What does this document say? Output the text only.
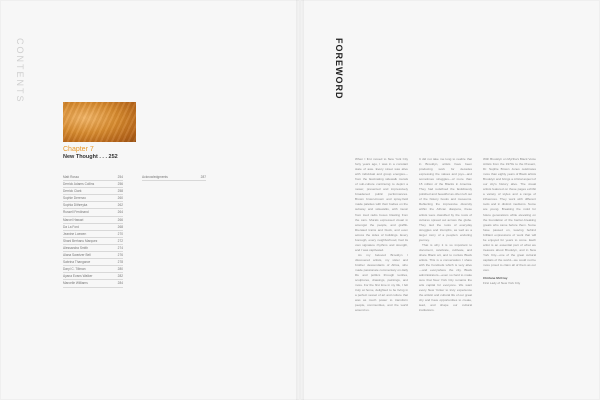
CONTENTS
Chapter 7
New Thought . . . 252
Matt Rosso	254
Derrick Adams Collins	256
Derrick Clark	258
Sophie Derenzo	260
Sophia Dithreyka	262
Russell Ferdinand	264
Marcel Hawari	266
Da La Ford	268
Jeanine Loewen	270
Shani Berhanu Marquez	272
Alessandra Smith	274
Alana Swartzer Bell	276
Sabrina Thangaroe	278
Daryl C. Tillman	280
Ayana Evans Walker	282
Marcelle Williams	284
Acknowledgments	287
FOREWORD

When I first moved to New York City forty years ago, I was in a constant state of awe. Every street was alive with individual and group energies—from the fascinating sidewalk murals of sub-culture continuing to depict a newer, presented and impressively broadened public performances. Brown brown-brown and spray-field made palettes with their bodies on the subway and sidewalks, with music from loud radio boxes blasting from the cars. Murals expressed visual in amongst the people, and graffiti-liberated trains and block, and even across the sides of buildings. Every borough, every neighborhood, had its own signature rhythms and strength, and I was captivated.

As my beloved Brooklyn I discovered artists, my sister and brother descendants of Africa, who made passionate commentary on daily life and politics through textiles, sculptures, drawings, paintings, and more. For the first time in my life, I felt truly at home, delighted to be living in a perfect vessel of art and culture that was as much power to transform people, communities, and the world around us.

It did not take me long to realize that in Brooklyn, artists have been producing work for decades expressing the values and joys—and sometimes struggles—of more than 15 million of the Blacks in America. They had redefined the fastidiously polished and beautiful as often left out of the history books and museums. Reflecting the impressive diversity within the African diaspora, these artists were classified by the roots of cultures spread out across the globe. They tied the roots of everyday struggles and triumphs, as well as a larger story of a people's enduring journey.

That is why it is so important to document, celebrate, cultivate, and share Black art, and to nurture Black artists. This is a conversation I share with the hundreds which is very alive—and everywhere the city. Black administrators—even so hard to make sure that New York City remains the arts capital for everyone. We want every New Yorker to truly experience the artistic and cultural life of our great city and have opportunities to create, lead, and shape our cultural institutions.

With Brooklyn on Myrtha's Black Voice Artists from the 1970s to the Present, Dr. Sophie Brown Jones celebrates more than eighty years of Black artists Brooklyn and brings a critical aspect of our city's history alive. The visual artists featured on these pages exhibit a variety of styles and a range of influences. They work with different tools and in distinct mediums. Some are young. Breaking the mold for future generations while elevating on the foundation of the barrier-breaking greats who came before them. Some have passed on, leaving behind brilliant expressions of work that will be enjoyed for years to come. Each artist is an essential part of what we treasure about Brooklyn, and in New York City—one of the great cultural capitals of the world—we could not be more proud to claim all of them as our own.

Chirlane McCray
First Lady of New York City
